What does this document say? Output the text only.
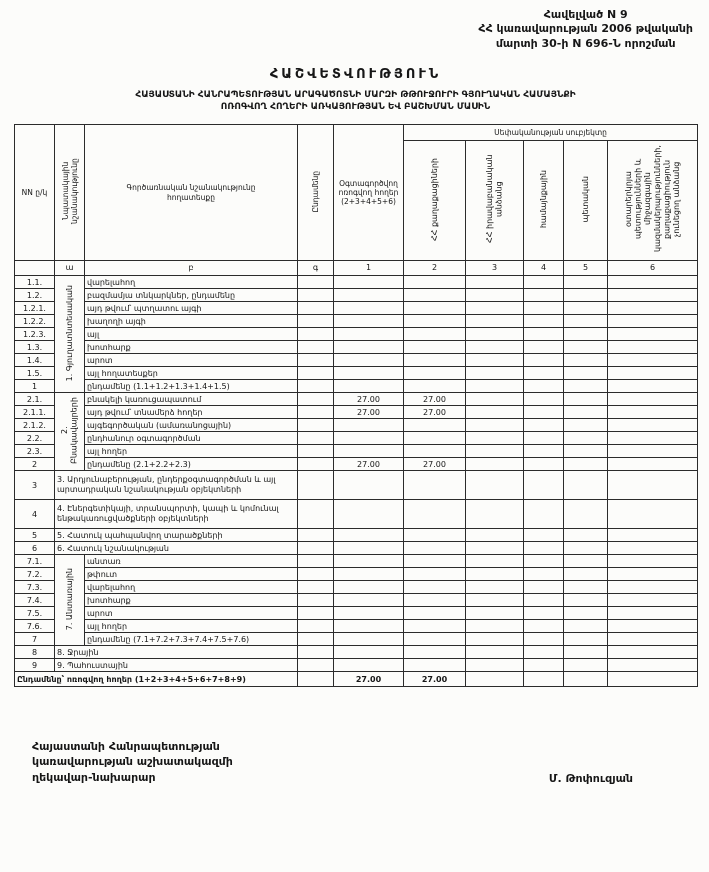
Հավելված N 9
ՀՀ կառավարության 2006 թվականի
մարտի 30-ի N 696-Ն որոշման
ՀԱՇՎԵՏՎՈՒԹՅՈՒՆ
ՀԱՅԱՍՏԱՆԻ ՀԱՆՐԱՊԵՏՈՒԹՅԱՆ ԱՐԱԳԱԾՈՏՆԻ ՄԱՐԶԻ ԹԹՈՒՋՈՒՐԻ ԳՅՈՒՂԱԿԱՆ ՀԱՄԱՅՆՔԻ
ՈՌՈԳՎՈՂ ՀՈՂԵՐԻ ԱՌԿԱՅՈՒԹՅԱՆ ԵՎ ԲԱՇԽՄԱՆ ՄԱՍԻՆ
NN ը/կ	Նպատակային նշանակությունը	Գործառնական նշանակությունը հողատեսքը	Ընդամենը	Օգտագործվող ոռոգվող հողեր (2+3+4+5+6)	Սեփականության սուբյեկտը				
					ՀՀ քաղաքացիների	ՀՀ իրավաբանական անձանց	համայնքային	պետական	օտարերկրյա պետությունների և միջազգային կազմակերպությունների, քաղաքացիություն չունեցող անձանց
	ա	բ	գ	1	2	3	4	5	6
1.1.	1. Գյուղատնտեսական	վարելահող							
1.2.		բազմամյա տնկարկներ, ընդամենը							
1.2.1.		այդ թվում՝ պտղատու այգի							
1.2.2.		խաղողի այգի							
1.2.3.		այլ							
1.3.		խոտհարք							
1.4.		արոտ							
1.5.		այլ հողատեսքեր							
1		ընդամենը (1.1+1.2+1.3+1.4+1.5)							
2.1.	2. Բնակավայրերի	բնակելի կառուցապատում		27.00	27.00				
2.1.1.		այդ թվում՝ տնամերձ հողեր		27.00	27.00				
2.1.2.		այգեգործական (ամառանոցային)							
2.2.		ընդհանուր օգտագործման							
2.3.		այլ հողեր							
2		ընդամենը (2.1+2.2+2.3)		27.00	27.00				
3	3. Արդյունաբերության, ընդերքօգտագործման և այլ արտադրական նշանակության օբյեկտների								
4	4. Էներգետիկայի, տրանսպորտի, կապի և կոմունալ ենթակառուցվածքների օբյեկտների								
5	5. Հատուկ պահպանվող տարածքների								
6	6. Հատուկ նշանակության								
7.1.	7. Անտառային	անտառ							
7.2.		թփուտ							
7.3.		վարելահող							
7.4.		խոտհարք							
7.5.		արոտ							
7.6.		այլ հողեր							
7		ընդամենը (7.1+7.2+7.3+7.4+7.5+7.6)							
8	8. Ջրային								
9	9. Պահուստային								
Ընդամենը՝ ոռոգվող հողեր (1+2+3+4+5+6+7+8+9)				27.00	27.00				
Հայաստանի Հանրապետության
կառավարության աշխատակազմի
ղեկավար-նախարար	Մ. Թոփուզյան
